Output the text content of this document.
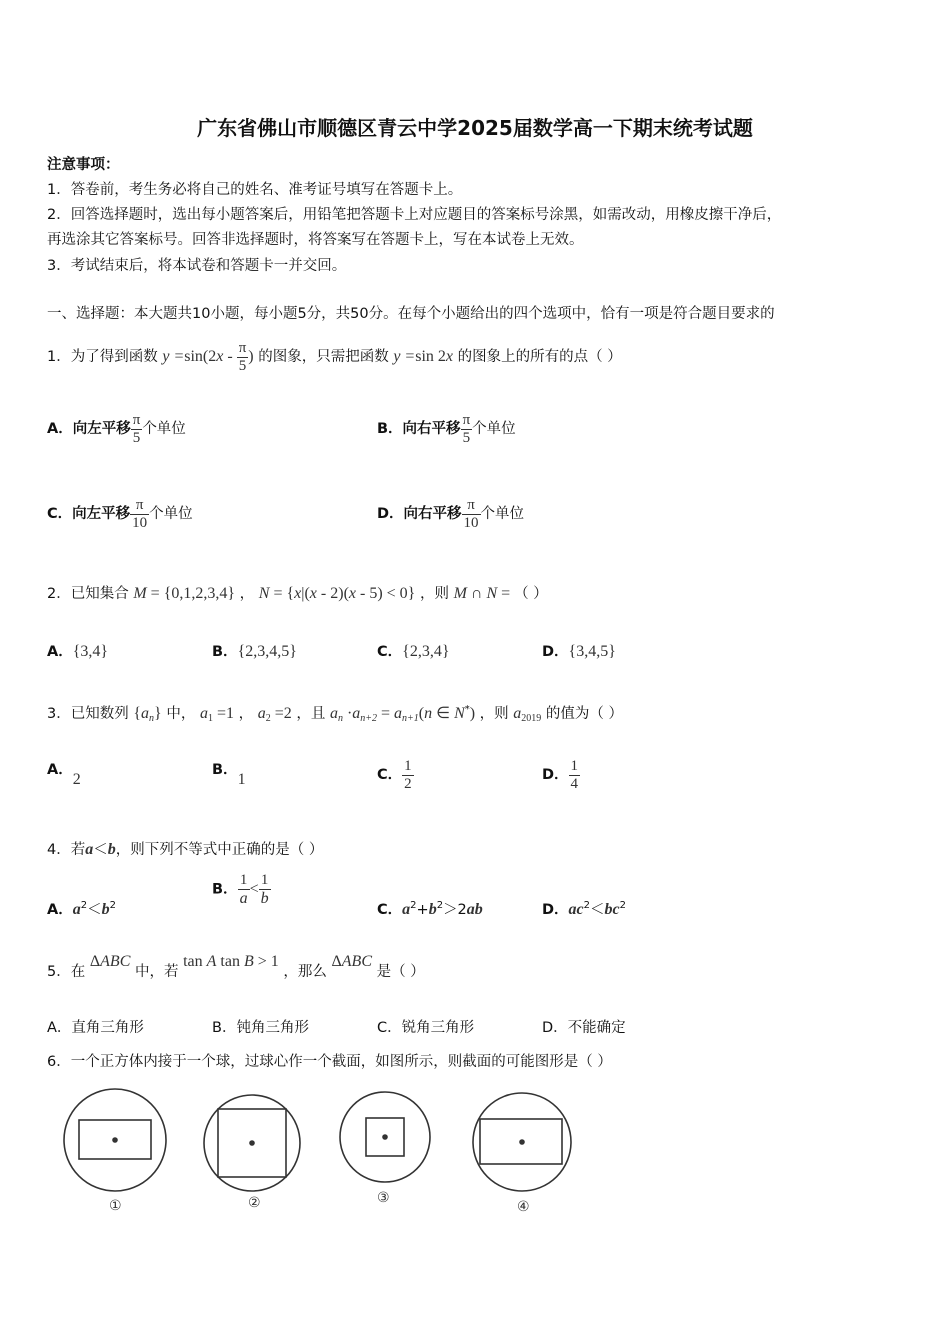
广东省佛山市顺德区青云中学2025届数学高一下期末统考试题
注意事项：
1．答卷前，考生务必将自己的姓名、准考证号填写在答题卡上。
2．回答选择题时，选出每小题答案后，用铅笔把答题卡上对应题目的答案标号涂黑，如需改动，用橡皮擦干净后，
再选涂其它答案标号。回答非选择题时，将答案写在答题卡上，写在本试卷上无效。
3．考试结束后，将本试卷和答题卡一并交回。
一、选择题：本大题共10小题，每小题5分，共50分。在每个小题给出的四个选项中，恰有一项是符合题目要求的
1．为了得到函数 $y =\sin(2x - \frac{\pi}{5}$ ) 的图象，只需把函数 y =sin 2x 的图象上的所有的点（ ）
A．向左平移 $\frac{\pi}{5}$ 个单位	B．向右平移 $\frac{\pi}{5}$ 个单位
C．向左平移 $\frac{\pi}{10}$ 个单位	D．向右平移 $\frac{\pi}{10}$ 个单位
2．已知集合 M = {0,1,2,3,4} ， N = {x|(x - 2)(x - 5) < 0} ，则 M ∩ N = （ ）
A．{3,4}	B．{2,3,4,5}	C．{2,3,4}	D．{3,4,5}
3．已知数列 $\{a_n\}$ 中， $a_1 =1$ ， $a_2 =2$ ，且 $a_n \cdot a_{n+2} = a_{n+1}(n$ ∈ N*) ，则 $a_{2019}$ 的值为（ ）
A．2
B．1	C． $\frac{1}{2}$	D． $\frac{1}{4}$
4．若a＜b，则下列不等式中正确的是（ ）
A．$a^2<b^2$
B． $\frac{1}{a} < \frac{1}{b}$
C．$a^2+b^2>2ab$	D．$ac^2<bc^2$
5．在 ΔABC 中，若 tan A tan B > 1 ，那么 ΔABC 是（ ）
A．直角三角形	B．钝角三角形	C．锐角三角形	D．不能确定
6．一个正方体内接于一个球，过球心作一个截面，如图所示，则截面的可能图形是（ ）
①	②	③
④
